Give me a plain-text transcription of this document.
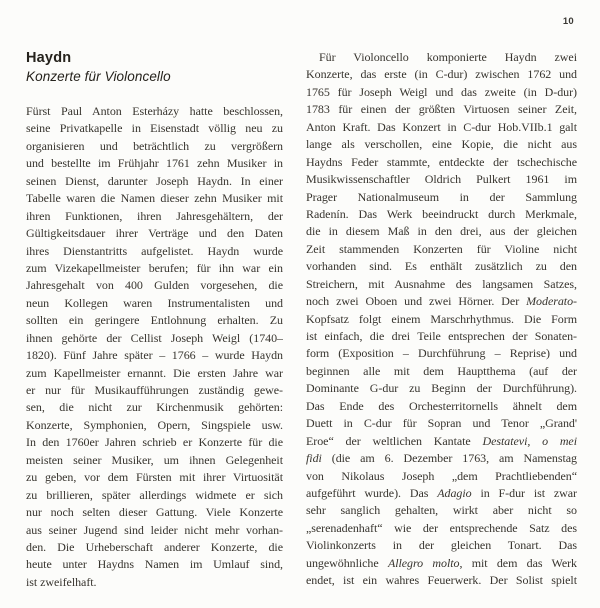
10
Haydn
Konzerte für Violoncello
Fürst Paul Anton Esterházy hatte beschlossen,
seine Privatkapelle in Eisenstadt völlig neu zu
organisieren und beträchtlich zu vergrößern
und bestellte im Frühjahr 1761 zehn Musiker in
seinen Dienst, darunter Joseph Haydn. In einer
Tabelle waren die Namen dieser zehn Musiker mit
ihren Funktionen, ihren Jahresgehältern, der
Gültigkeitsdauer ihrer Verträge und den Daten
ihres Dienstantritts aufgelistet. Haydn wurde
zum Vizekapellmeister berufen; für ihn war ein
Jahresgehalt von 400 Gulden vorgesehen, die
neun Kollegen waren Instrumentalisten und
sollten ein geringere Entlohnung erhalten. Zu
ihnen gehörte der Cellist Joseph Weigl (1740–
1820). Fünf Jahre später – 1766 – wurde Haydn
zum Kapellmeister ernannt. Die ersten Jahre war
er nur für Musikaufführungen zuständig gewe-
sen, die nicht zur Kirchenmusik gehörten:
Konzerte, Symphonien, Opern, Singspiele usw.
In den 1760er Jahren schrieb er Konzerte für die
meisten seiner Musiker, um ihnen Gelegenheit
zu geben, vor dem Fürsten mit ihrer Virtuosität
zu brillieren, später allerdings widmete er sich
nur noch selten dieser Gattung. Viele Konzerte
aus seiner Jugend sind leider nicht mehr vorhan-
den. Die Urheberschaft anderer Konzerte, die
heute unter Haydns Namen im Umlauf sind,
ist zweifelhaft.
Für Violoncello komponierte Haydn zwei
Konzerte, das erste (in C-dur) zwischen 1762 und
1765 für Joseph Weigl und das zweite (in D-dur)
1783 für einen der größten Virtuosen seiner Zeit,
Anton Kraft. Das Konzert in C-dur Hob.VIIb.1 galt
lange als verschollen, eine Kopie, die nicht aus
Haydns Feder stammte, entdeckte der tschechische
Musikwissenschaftler Oldrich Pulkert 1961 im
Prager Nationalmuseum in der Sammlung
Radenín. Das Werk beeindruckt durch Merkmale,
die in diesem Maß in den drei, aus der gleichen
Zeit stammenden Konzerten für Violine nicht
vorhanden sind. Es enthält zusätzlich zu den
Streichern, mit Ausnahme des langsamen Satzes,
noch zwei Oboen und zwei Hörner. Der Moderato-
Kopfsatz folgt einem Marschrhythmus. Die Form
ist einfach, die drei Teile entsprechen der Sonaten-
form (Exposition – Durchführung – Reprise) und
beginnen alle mit dem Hauptthema (auf der
Dominante G-dur zu Beginn der Durchführung).
Das Ende des Orchesterritornells ähnelt dem
Duett in C-dur für Sopran und Tenor „Grand'
Eroe“ der weltlichen Kantate Destatevi, o mei
fidi (die am 6. Dezember 1763, am Namenstag
von Nikolaus Joseph „dem Prachtliebenden“
aufgeführt wurde). Das Adagio in F-dur ist zwar
sehr sanglich gehalten, wirkt aber nicht so
„serenadenhaft“ wie der entsprechende Satz des
Violinkonzerts in der gleichen Tonart. Das
ungewöhnliche Allegro molto, mit dem das Werk
endet, ist ein wahres Feuerwerk. Der Solist spielt
